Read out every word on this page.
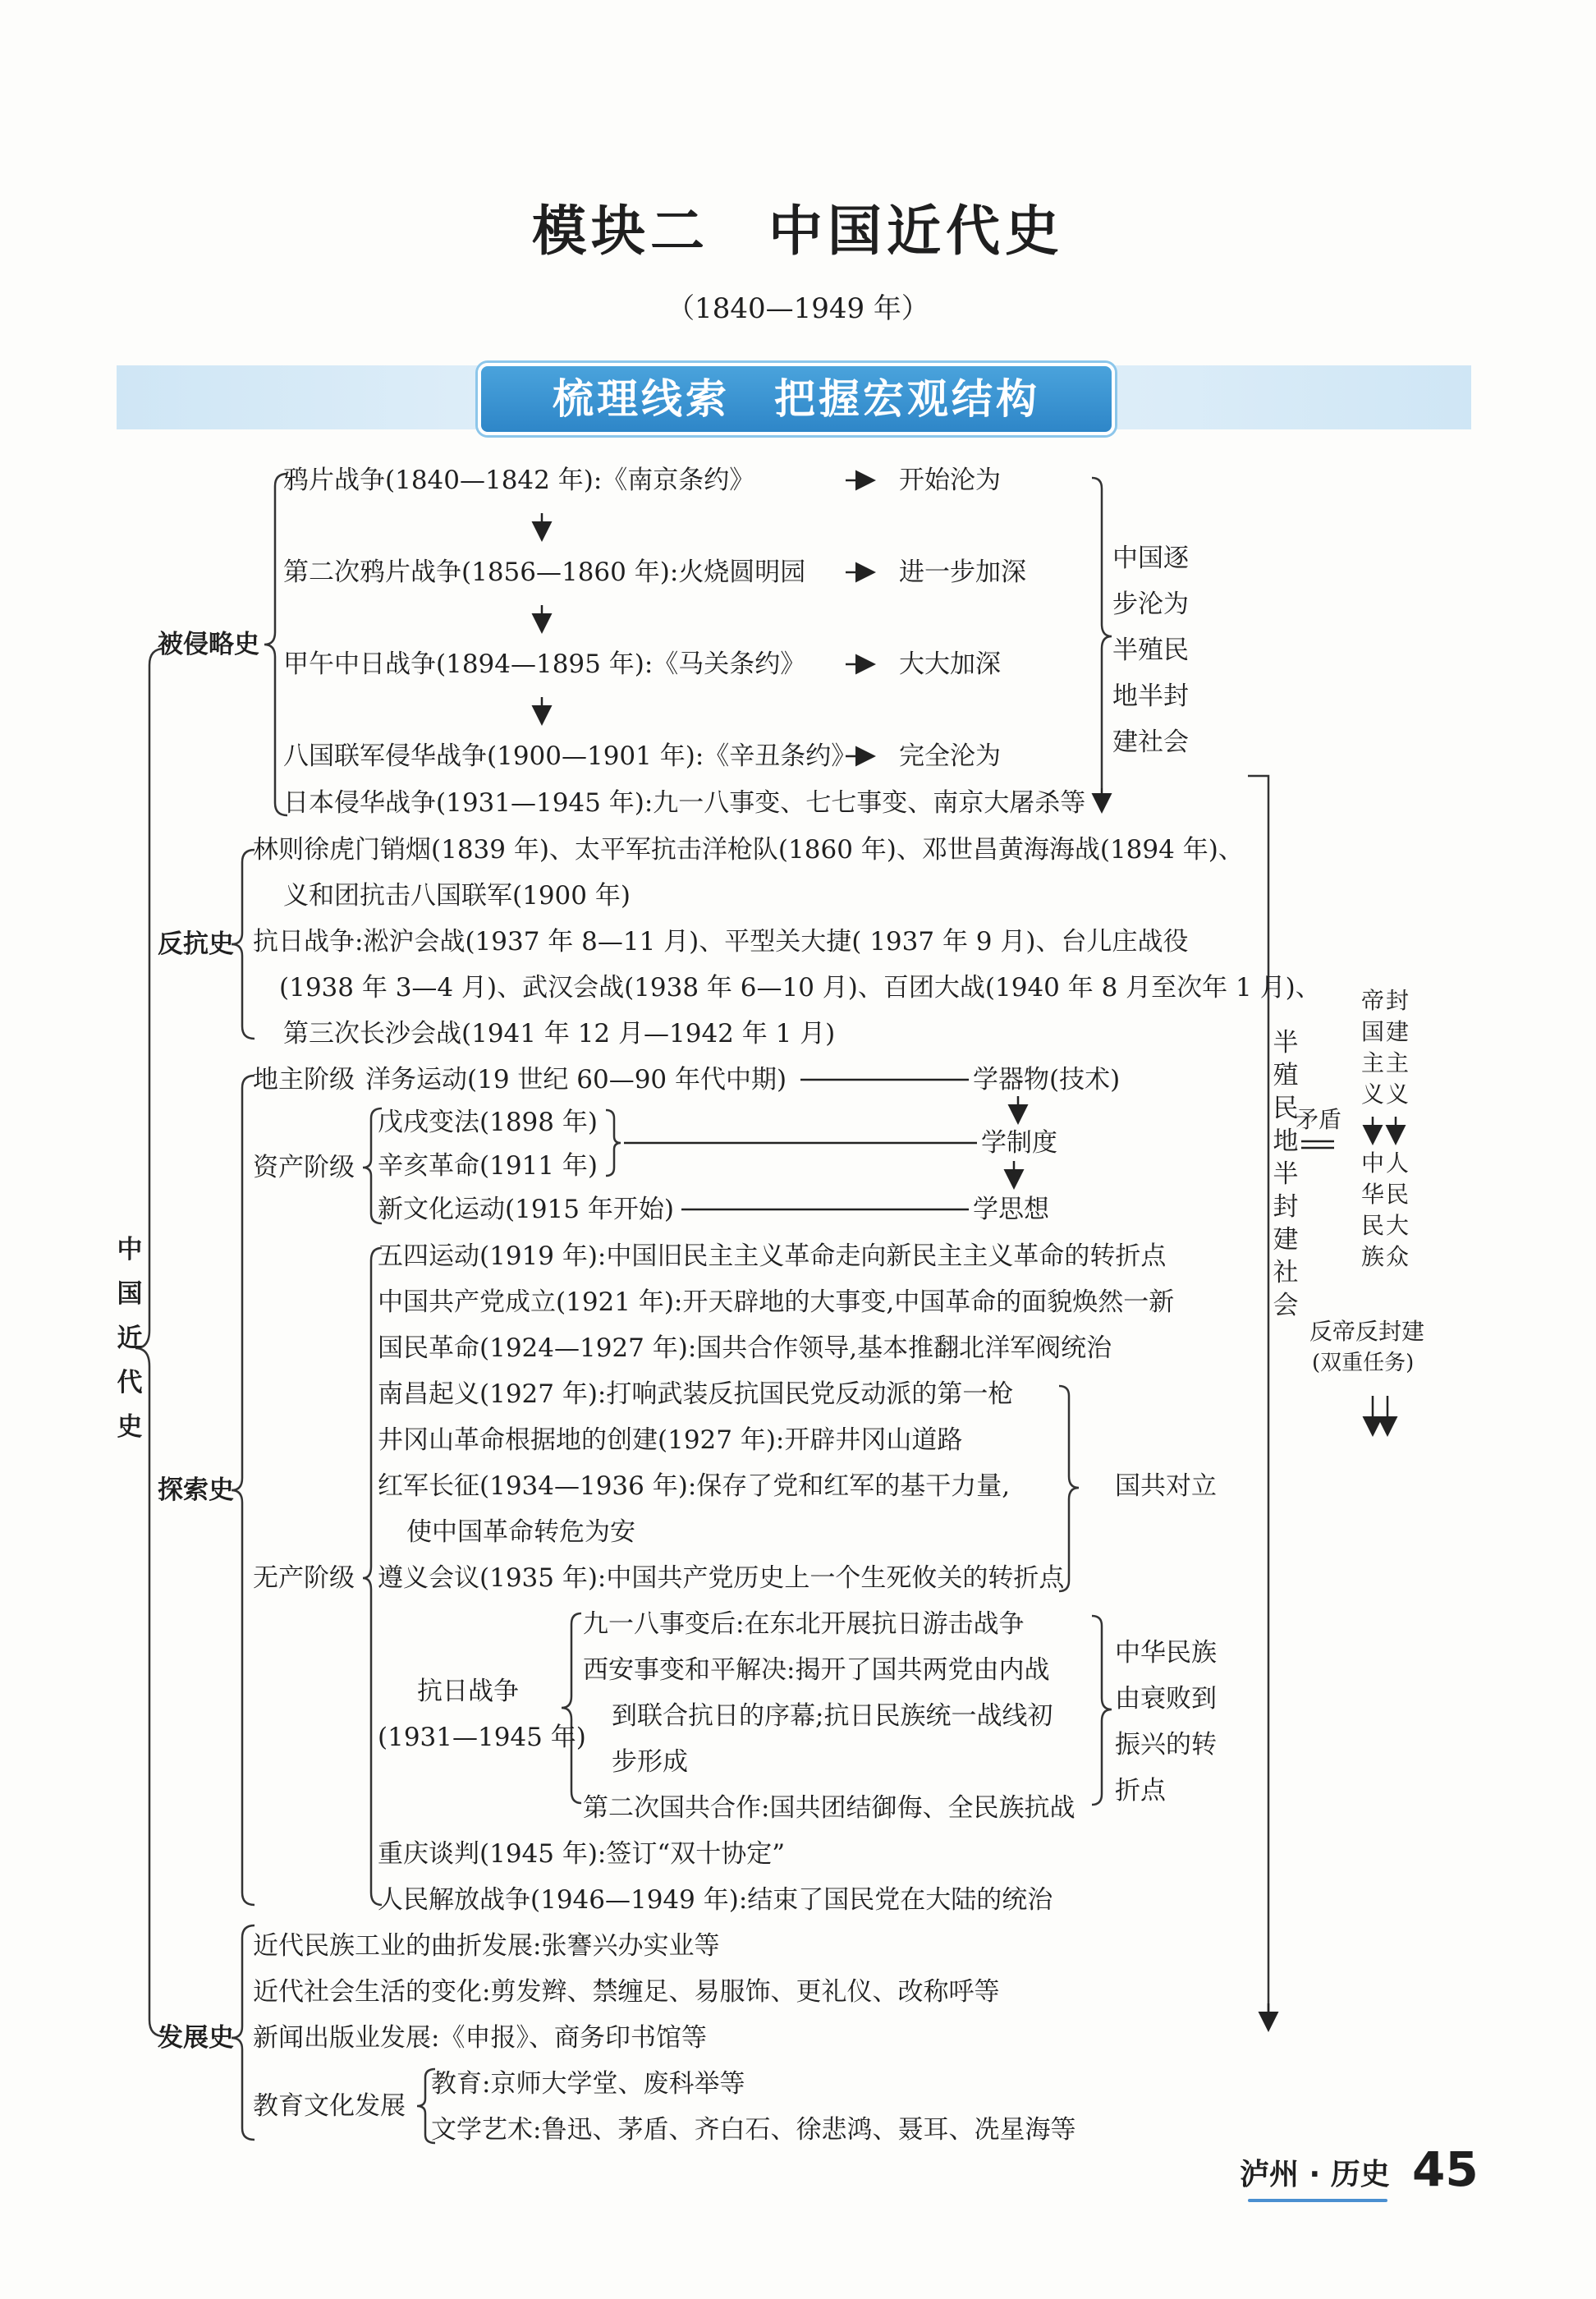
模块二　中国近代史
（1840—1949 年）
梳理线索　把握宏观结构
中
国
近
代
史
被侵略史
鸦片战争(1840—1842 年):《南京条约》
第二次鸦片战争(1856—1860 年):火烧圆明园
甲午中日战争(1894—1895 年):《马关条约》
八国联军侵华战争(1900—1901 年):《辛丑条约》
日本侵华战争(1931—1945 年):九一八事变、七七事变、南京大屠杀等
开始沦为
进一步加深
大大加深
完全沦为
中国逐
步沦为
半殖民
地半封
建社会
反抗史
林则徐虎门销烟(1839 年)、太平军抗击洋枪队(1860 年)、邓世昌黄海海战(1894 年)、
义和团抗击八国联军(1900 年)
抗日战争:淞沪会战(1937 年 8—11 月)、平型关大捷( 1937 年 9 月)、台儿庄战役
(1938 年 3—4 月)、武汉会战(1938 年 6—10 月)、百团大战(1940 年 8 月至次年 1 月)、
第三次长沙会战(1941 年 12 月—1942 年 1 月)
探索史
地主阶级 洋务运动(19 世纪 60—90 年代中期)	学器物(技术)
资产阶级
戊戌变法(1898 年)
辛亥革命(1911 年)
新文化运动(1915 年开始)
学制度
学思想
无产阶级
五四运动(1919 年):中国旧民主主义革命走向新民主主义革命的转折点
中国共产党成立(1921 年):开天辟地的大事变,中国革命的面貌焕然一新
国民革命(1924—1927 年):国共合作领导,基本推翻北洋军阀统治
南昌起义(1927 年):打响武装反抗国民党反动派的第一枪
井冈山革命根据地的创建(1927 年):开辟井冈山道路
红军长征(1934—1936 年):保存了党和红军的基干力量,
使中国革命转危为安
遵义会议(1935 年):中国共产党历史上一个生死攸关的转折点
国共对立
抗日战争
(1931—1945 年)
九一八事变后:在东北开展抗日游击战争
西安事变和平解决:揭开了国共两党由内战
到联合抗日的序幕;抗日民族统一战线初
步形成
第二次国共合作:国共团结御侮、全民族抗战
中华民族
由衰败到
振兴的转
折点
重庆谈判(1945 年):签订“双十协定”
人民解放战争(1946—1949 年):结束了国民党在大陆的统治
发展史
近代民族工业的曲折发展:张謇兴办实业等
近代社会生活的变化:剪发辫、禁缠足、易服饰、更礼仪、改称呼等
新闻出版业发展:《申报》、商务印书馆等
教育文化发展
教育:京师大学堂、废科举等
文学艺术:鲁迅、茅盾、齐白石、徐悲鸿、聂耳、冼星海等
半
殖
民
地
半
封
建
社
会
矛盾
帝
国
主
义
封
建
主
义
中
华
民
族
人
民
大
众
反帝反封建
(双重任务)
泸州 · 历史 45
